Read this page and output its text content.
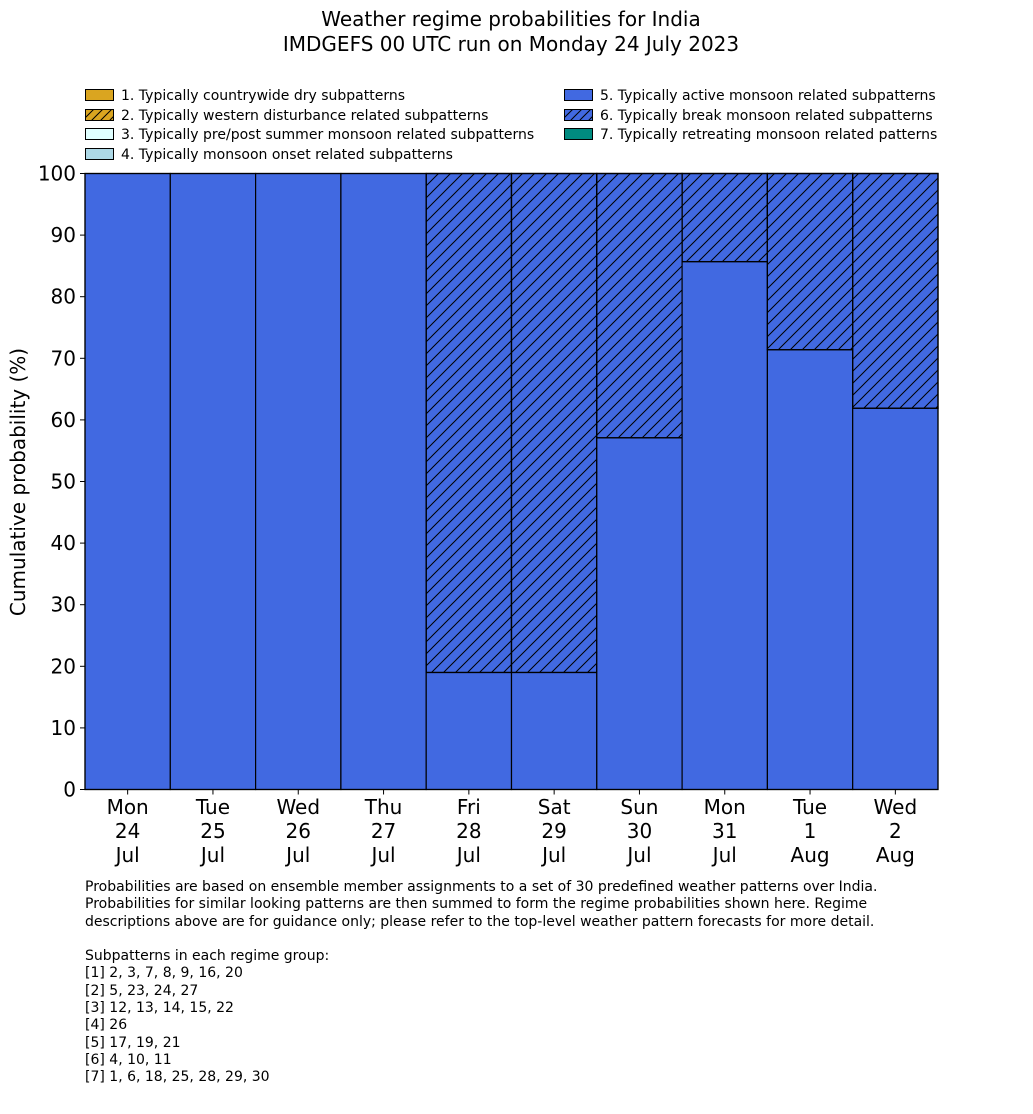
Weather regime probabilities for India
IMDGEFS 00 UTC run on Monday 24 July 2023
1. Typically countrywide dry subpatterns
2. Typically western disturbance related subpatterns
3. Typically pre/post summer monsoon related subpatterns
4. Typically monsoon onset related subpatterns
5. Typically active monsoon related subpatterns
6. Typically break monsoon related subpatterns
7. Typically retreating monsoon related patterns
0
10
20
30
40
50
60
70
80
90
100
Mon
24
Jul
Tue
25
Jul
Wed
26
Jul
Thu
27
Jul
Fri
28
Jul
Sat
29
Jul
Sun
30
Jul
Mon
31
Jul
Tue
1
Aug
Wed
2
Aug
Cumulative probability (%)
Probabilities are based on ensemble member assignments to a set of 30 predefined weather patterns over India.
Probabilities for similar looking patterns are then summed to form the regime probabilities shown here. Regime
descriptions above are for guidance only; please refer to the top-level weather pattern forecasts for more detail.
Subpatterns in each regime group:
[1] 2, 3, 7, 8, 9, 16, 20
[2] 5, 23, 24, 27
[3] 12, 13, 14, 15, 22
[4] 26
[5] 17, 19, 21
[6] 4, 10, 11
[7] 1, 6, 18, 25, 28, 29, 30
